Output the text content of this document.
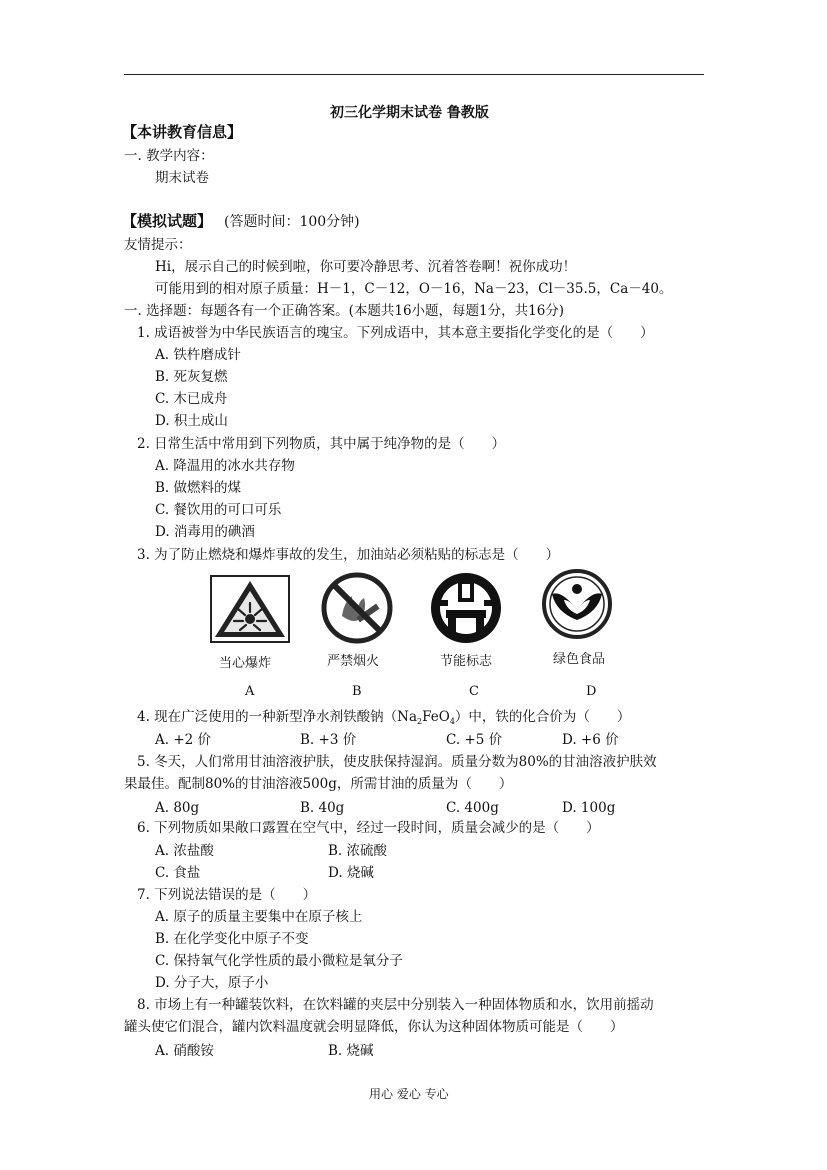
初三化学期末试卷 鲁教版
【本讲教育信息】
一. 教学内容：
期末试卷
【模拟试题】 (答题时间：100分钟)
友情提示：
Hi，展示自己的时候到啦，你可要冷静思考、沉着答卷啊！祝你成功！
可能用到的相对原子质量：H－1，C－12，O－16，Na－23，Cl－35.5，Ca－40。
一. 选择题：每题各有一个正确答案。(本题共16小题，每题1分，共16分)
1. 成语被誉为中华民族语言的瑰宝。下列成语中，其本意主要指化学变化的是（　　）
A. 铁杵磨成针
B. 死灰复燃
C. 木已成舟
D. 积土成山
2. 日常生活中常用到下列物质，其中属于纯净物的是（　　）
A. 降温用的冰水共存物
B. 做燃料的煤
C. 餐饮用的可口可乐
D. 消毒用的碘酒
3. 为了防止燃烧和爆炸事故的发生，加油站必须粘贴的标志是（　　）
当心爆炸	严禁烟火	节能标志	绿色食品
A	B	C	D
4. 现在广泛使用的一种新型净水剂铁酸钠$(Na_2FeO_4)$中，铁的化合价为（　　）
A. +2 价	B. +3 价	C. +5 价	D. +6 价
5. 冬天，人们常用甘油溶液护肤，使皮肤保持湿润。质量分数为80%的甘油溶液护肤效
果最佳。配制80%的甘油溶液500g，所需甘油的质量为（　　）
A. 80g	B. 40g	C. 400g	D. 100g
6. 下列物质如果敞口露置在空气中，经过一段时间，质量会减少的是（　　）
A. 浓盐酸	B. 浓硫酸
C. 食盐	D. 烧碱
7. 下列说法错误的是（　　）
A. 原子的质量主要集中在原子核上
B. 在化学变化中原子不变
C. 保持氧气化学性质的最小微粒是氧分子
D. 分子大，原子小
8. 市场上有一种罐装饮料，在饮料罐的夹层中分别装入一种固体物质和水，饮用前摇动
罐头使它们混合，罐内饮料温度就会明显降低，你认为这种固体物质可能是（　　）
A. 硝酸铵	B. 烧碱
用心 爱心 专心
